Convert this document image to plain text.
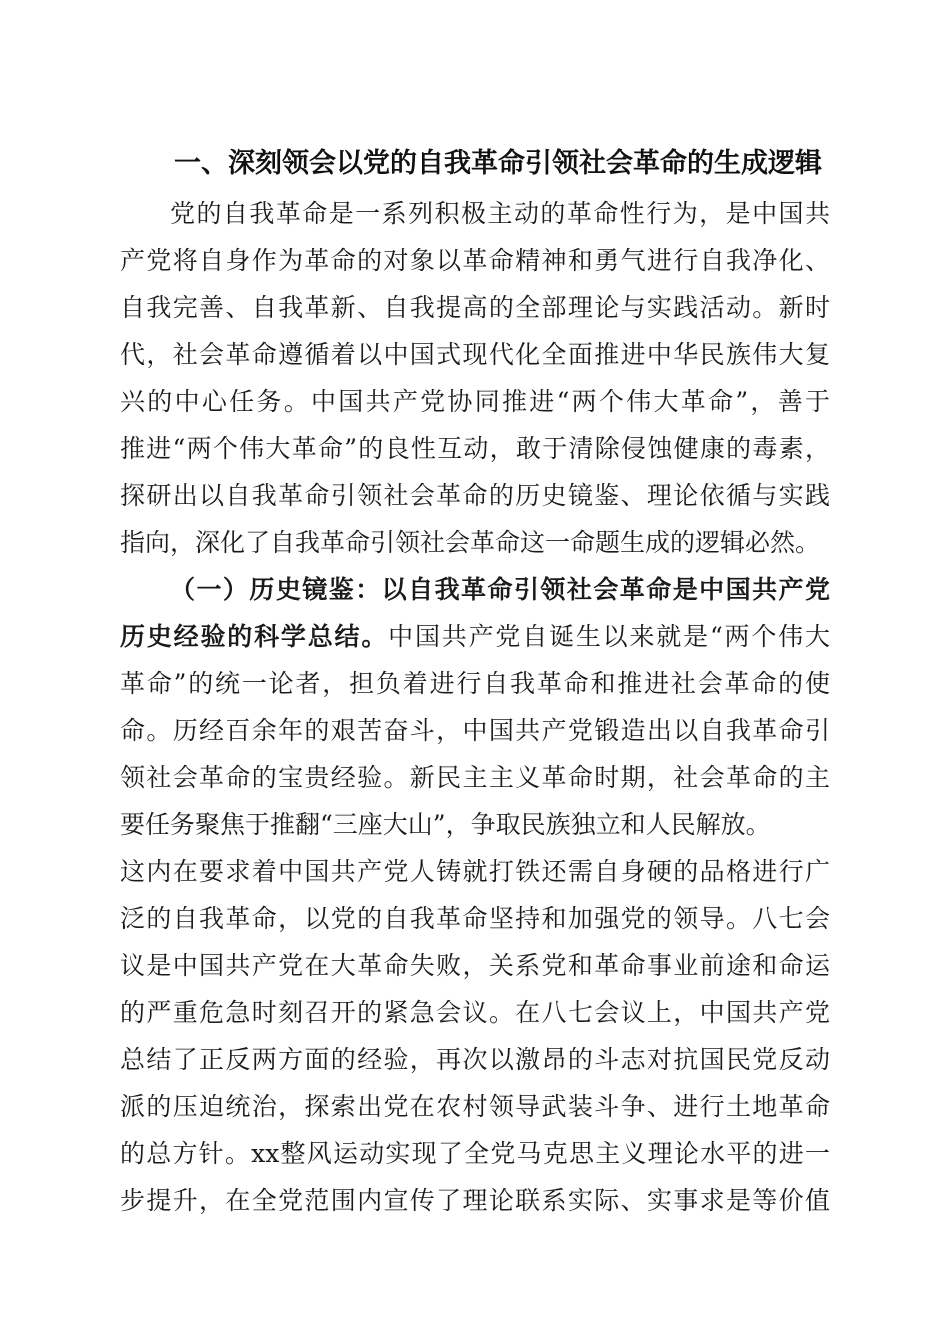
一、深刻领会以党的自我革命引领社会革命的生成逻辑
党的自我革命是一系列积极主动的革命性行为，是中国共
产党将自身作为革命的对象以革命精神和勇气进行自我净化、
自我完善、自我革新、自我提高的全部理论与实践活动。新时
代，社会革命遵循着以中国式现代化全面推进中华民族伟大复
兴的中心任务。中国共产党协同推进“两个伟大革命”，善于
推进“两个伟大革命”的良性互动，敢于清除侵蚀健康的毒素，
探研出以自我革命引领社会革命的历史镜鉴、理论依循与实践
指向，深化了自我革命引领社会革命这一命题生成的逻辑必然。
（一）历史镜鉴：以自我革命引领社会革命是中国共产党
历史经验的科学总结。中国共产党自诞生以来就是“两个伟大
革命”的统一论者，担负着进行自我革命和推进社会革命的使
命。历经百余年的艰苦奋斗，中国共产党锻造出以自我革命引
领社会革命的宝贵经验。新民主主义革命时期，社会革命的主
要任务聚焦于推翻“三座大山”，争取民族独立和人民解放。
这内在要求着中国共产党人铸就打铁还需自身硬的品格进行广
泛的自我革命，以党的自我革命坚持和加强党的领导。八七会
议是中国共产党在大革命失败，关系党和革命事业前途和命运
的严重危急时刻召开的紧急会议。在八七会议上，中国共产党
总结了正反两方面的经验，再次以激昂的斗志对抗国民党反动
派的压迫统治，探索出党在农村领导武装斗争、进行土地革命
的总方针。xx整风运动实现了全党马克思主义理论水平的进一
步提升，在全党范围内宣传了理论联系实际、实事求是等价值
